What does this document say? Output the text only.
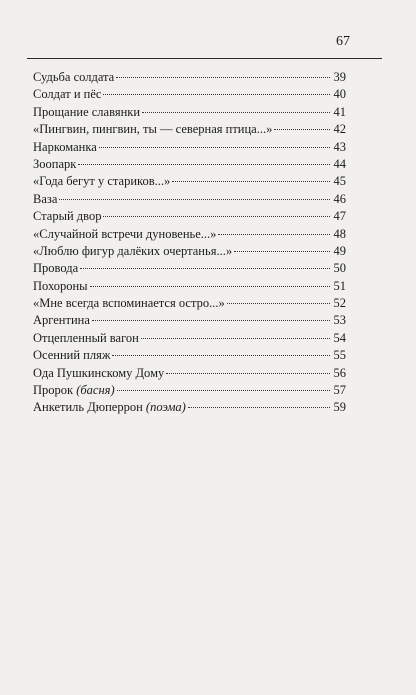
67
Судьба солдата	39
Солдат и пёс	40
Прощание славянки	41
«Пингвин, пингвин, ты — северная птица...»	42
Наркоманка	43
Зоопарк	44
«Года бегут у стариков...»	45
Ваза	46
Старый двор	47
«Случайной встречи дуновенье...»	48
«Люблю фигур далёких очертанья...»	49
Провода	50
Похороны	51
«Мне всегда вспоминается остро...»	52
Аргентина	53
Отцепленный вагон	54
Осенний пляж	55
Ода Пушкинскому Дому	56
Пророк (басня)	57
Анкетиль Дюперрон (поэма)	59
